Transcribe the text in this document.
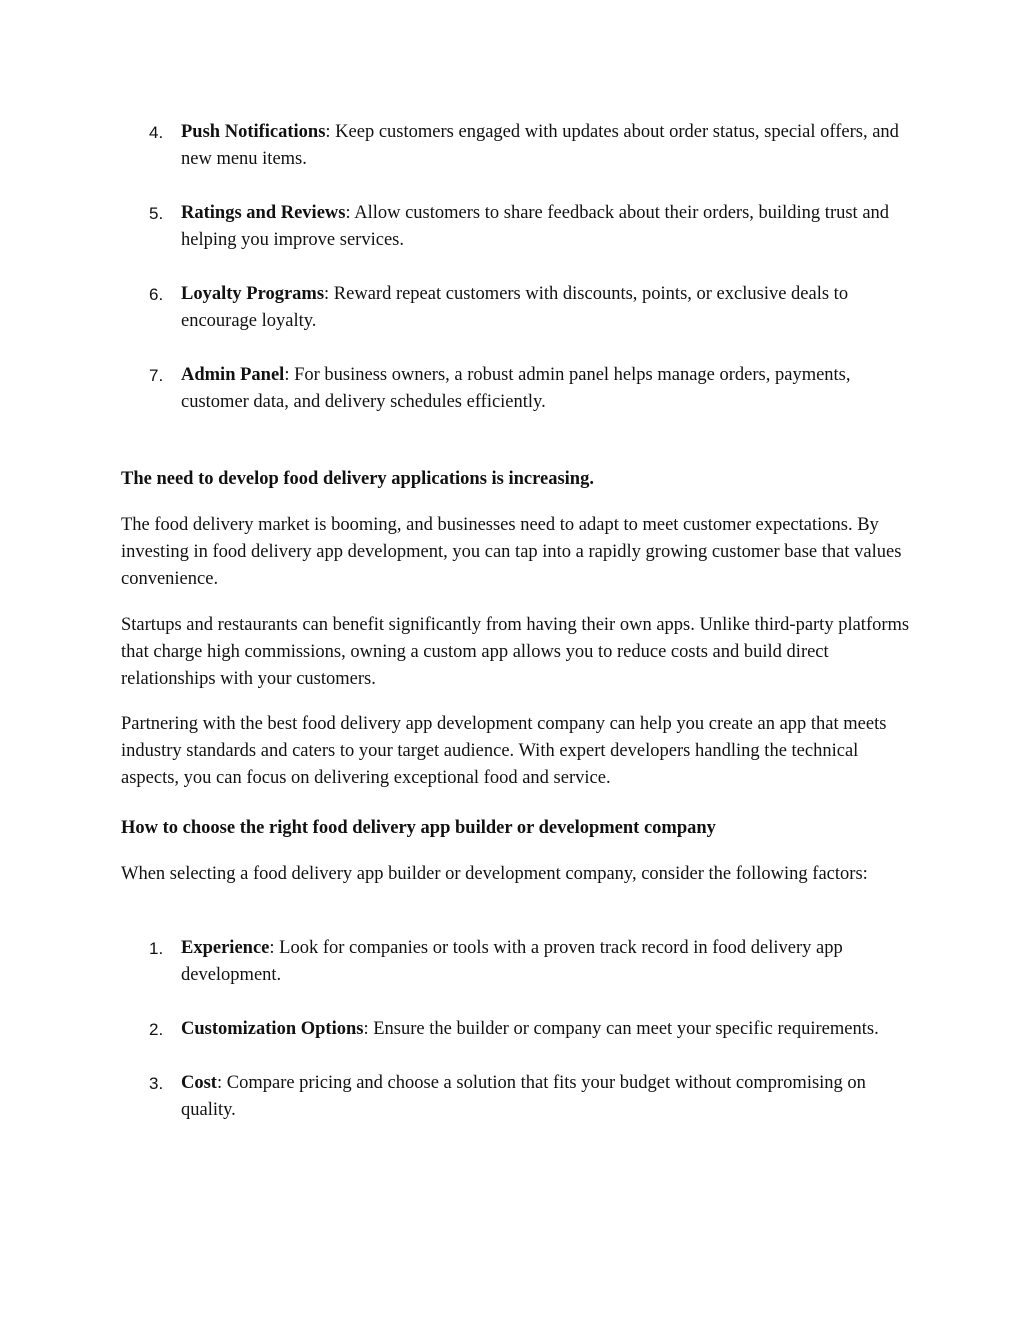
4. Push Notifications: Keep customers engaged with updates about order status, special offers, and new menu items.
5. Ratings and Reviews: Allow customers to share feedback about their orders, building trust and helping you improve services.
6. Loyalty Programs: Reward repeat customers with discounts, points, or exclusive deals to encourage loyalty.
7. Admin Panel: For business owners, a robust admin panel helps manage orders, payments, customer data, and delivery schedules efficiently.
The need to develop food delivery applications is increasing.

The food delivery market is booming, and businesses need to adapt to meet customer expectations. By investing in food delivery app development, you can tap into a rapidly growing customer base that values convenience.

Startups and restaurants can benefit significantly from having their own apps. Unlike third-party platforms that charge high commissions, owning a custom app allows you to reduce costs and build direct relationships with your customers.

Partnering with the best food delivery app development company can help you create an app that meets industry standards and caters to your target audience. With expert developers handling the technical aspects, you can focus on delivering exceptional food and service.

How to choose the right food delivery app builder or development company

When selecting a food delivery app builder or development company, consider the following factors:

1. Experience: Look for companies or tools with a proven track record in food delivery app development.
2. Customization Options: Ensure the builder or company can meet your specific requirements.
3. Cost: Compare pricing and choose a solution that fits your budget without compromising on quality.
